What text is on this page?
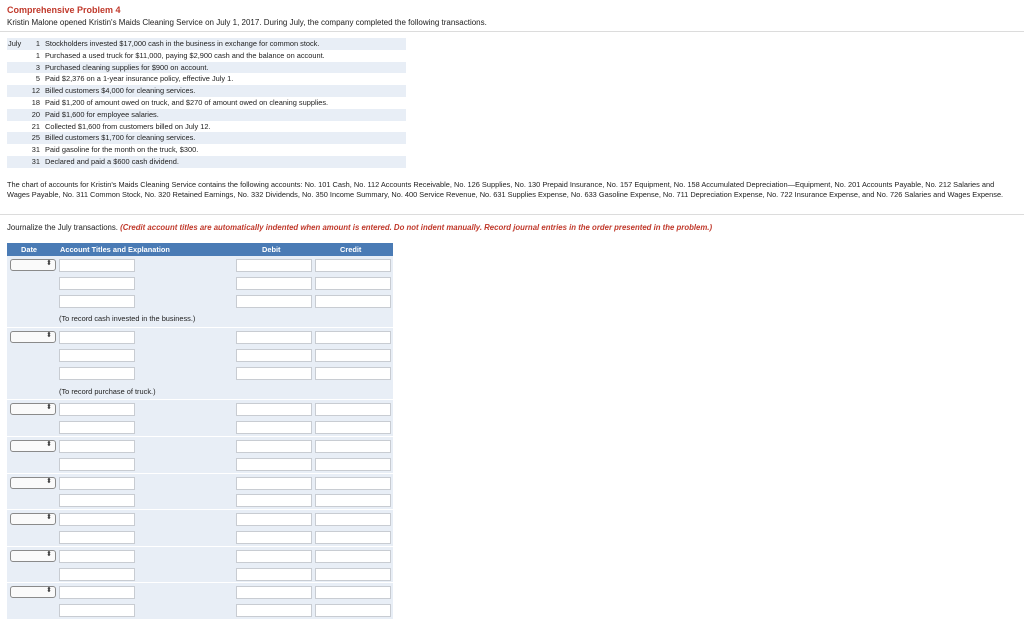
Comprehensive Problem 4
Kristin Malone opened Kristin's Maids Cleaning Service on July 1, 2017. During July, the company completed the following transactions.
July	1 Stockholders invested $17,000 cash in the business in exchange for common stock.
1 Purchased a used truck for $11,000, paying $2,900 cash and the balance on account.
3 Purchased cleaning supplies for $900 on account.
5 Paid $2,376 on a 1-year insurance policy, effective July 1.
12 Billed customers $4,000 for cleaning services.
18 Paid $1,200 of amount owed on truck, and $270 of amount owed on cleaning supplies.
20 Paid $1,600 for employee salaries.
21 Collected $1,600 from customers billed on July 12.
25 Billed customers $1,700 for cleaning services.
31 Paid gasoline for the month on the truck, $300.
31 Declared and paid a $600 cash dividend.
The chart of accounts for Kristin's Maids Cleaning Service contains the following accounts: No. 101 Cash, No. 112 Accounts Receivable, No. 126 Supplies, No. 130 Prepaid Insurance, No. 157 Equipment, No. 158 Accumulated Depreciation—Equipment, No. 201 Accounts Payable, No. 212 Salaries and Wages Payable, No. 311 Common Stock, No. 320 Retained Earnings, No. 332 Dividends, No. 350 Income Summary, No. 400 Service Revenue, No. 631 Supplies Expense, No. 633 Gasoline Expense, No. 711 Depreciation Expense, No. 722 Insurance Expense, and No. 726 Salaries and Wages Expense.
Journalize the July transactions. (Credit account titles are automatically indented when amount is entered. Do not indent manually. Record journal entries in the order presented in the problem.)
Date	Account Titles and Explanation	Debit	Credit
⬍
(To record cash invested in the business.)
⬍
(To record purchase of truck.)
⬍
⬍
⬍
⬍
⬍
⬍
